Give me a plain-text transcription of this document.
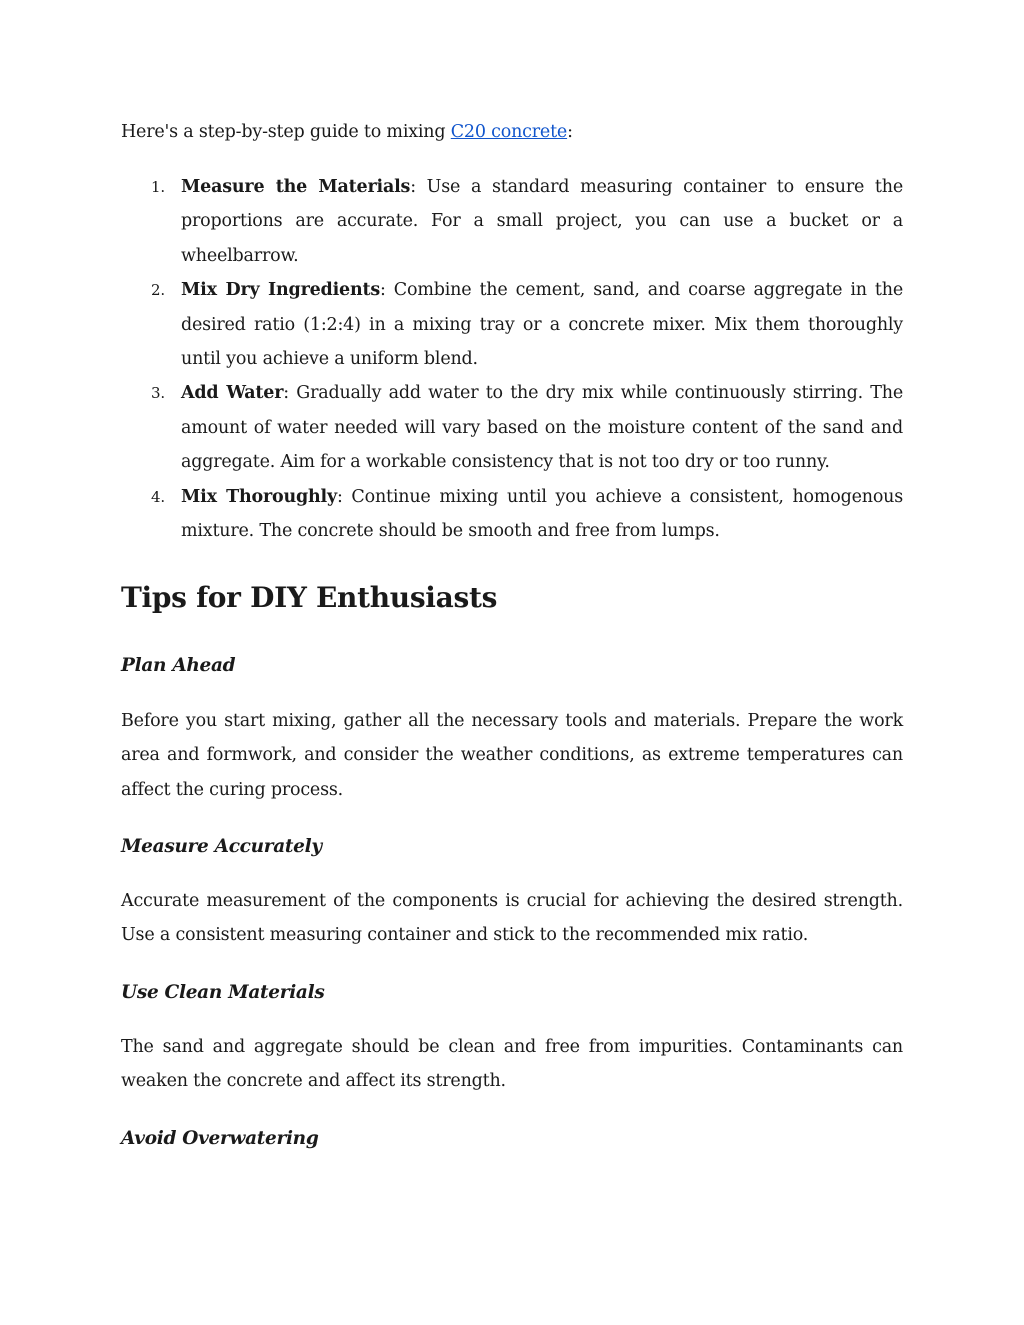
Here's a step-by-step guide to mixing C20 concrete:

1. Measure the Materials: Use a standard measuring container to ensure the proportions are accurate. For a small project, you can use a bucket or a wheelbarrow.
2. Mix Dry Ingredients: Combine the cement, sand, and coarse aggregate in the desired ratio (1:2:4) in a mixing tray or a concrete mixer. Mix them thoroughly until you achieve a uniform blend.
3. Add Water: Gradually add water to the dry mix while continuously stirring. The amount of water needed will vary based on the moisture content of the sand and aggregate. Aim for a workable consistency that is not too dry or too runny.
4. Mix Thoroughly: Continue mixing until you achieve a consistent, homogenous mixture. The concrete should be smooth and free from lumps.
Tips for DIY Enthusiasts
Plan Ahead

Before you start mixing, gather all the necessary tools and materials. Prepare the work area and formwork, and consider the weather conditions, as extreme temperatures can affect the curing process.

Measure Accurately

Accurate measurement of the components is crucial for achieving the desired strength. Use a consistent measuring container and stick to the recommended mix ratio.

Use Clean Materials

The sand and aggregate should be clean and free from impurities. Contaminants can weaken the concrete and affect its strength.

Avoid Overwatering
